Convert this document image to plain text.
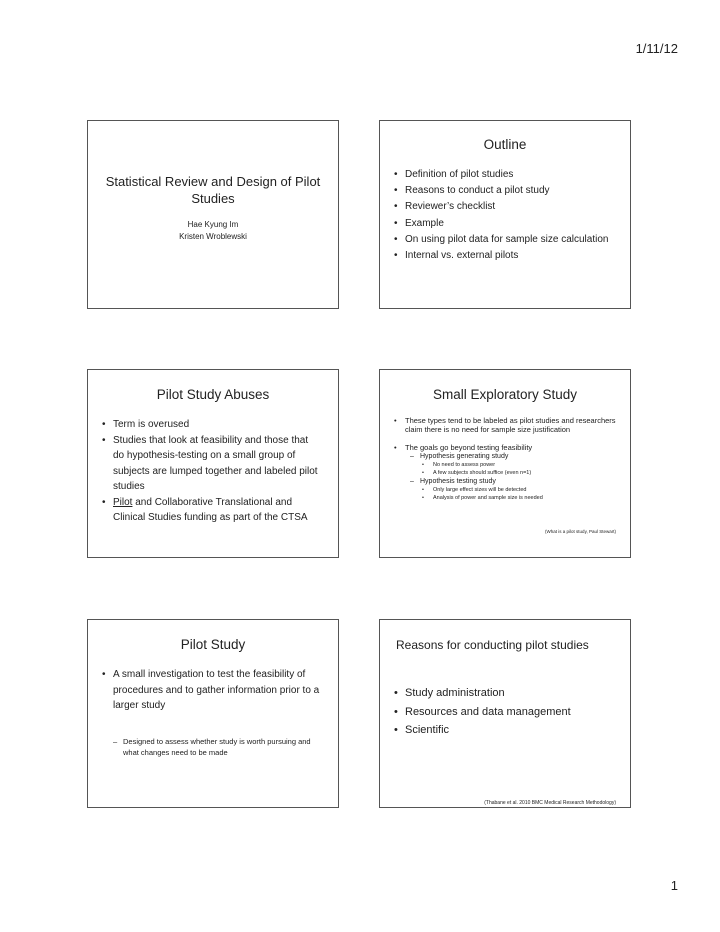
1/11/12
Statistical Review and Design of Pilot Studies
Hae Kyung Im
Kristen Wroblewski
Outline
• Definition of pilot studies
• Reasons to conduct a pilot study
• Reviewer’s checklist
• Example
• On using pilot data for sample size calculation
• Internal vs. external pilots
Pilot Study Abuses
• Term is overused
• Studies that look at feasibility and those that do hypothesis-testing on a small group of subjects are lumped together and labeled pilot studies
• Pilot and Collaborative Translational and Clinical Studies funding as part of the CTSA
Small Exploratory Study
• These types tend to be labeled as pilot studies and researchers claim there is no need for sample size justification
• The goals go beyond testing feasibility
– Hypothesis generating study
• No need to assess power
• A few subjects should suffice (even n=1)
– Hypothesis testing study
• Only large effect sizes will be detected
• Analysis of power and sample size is needed
(What is a pilot study, Paul Stewart)
Pilot Study
• A small investigation to test the feasibility of procedures and to gather information prior to a larger study
– Designed to assess whether study is worth pursuing and what changes need to be made
Reasons for conducting pilot studies
• Study administration
• Resources and data management
• Scientific
(Thabane et al. 2010 BMC Medical Research Methodology)
1
